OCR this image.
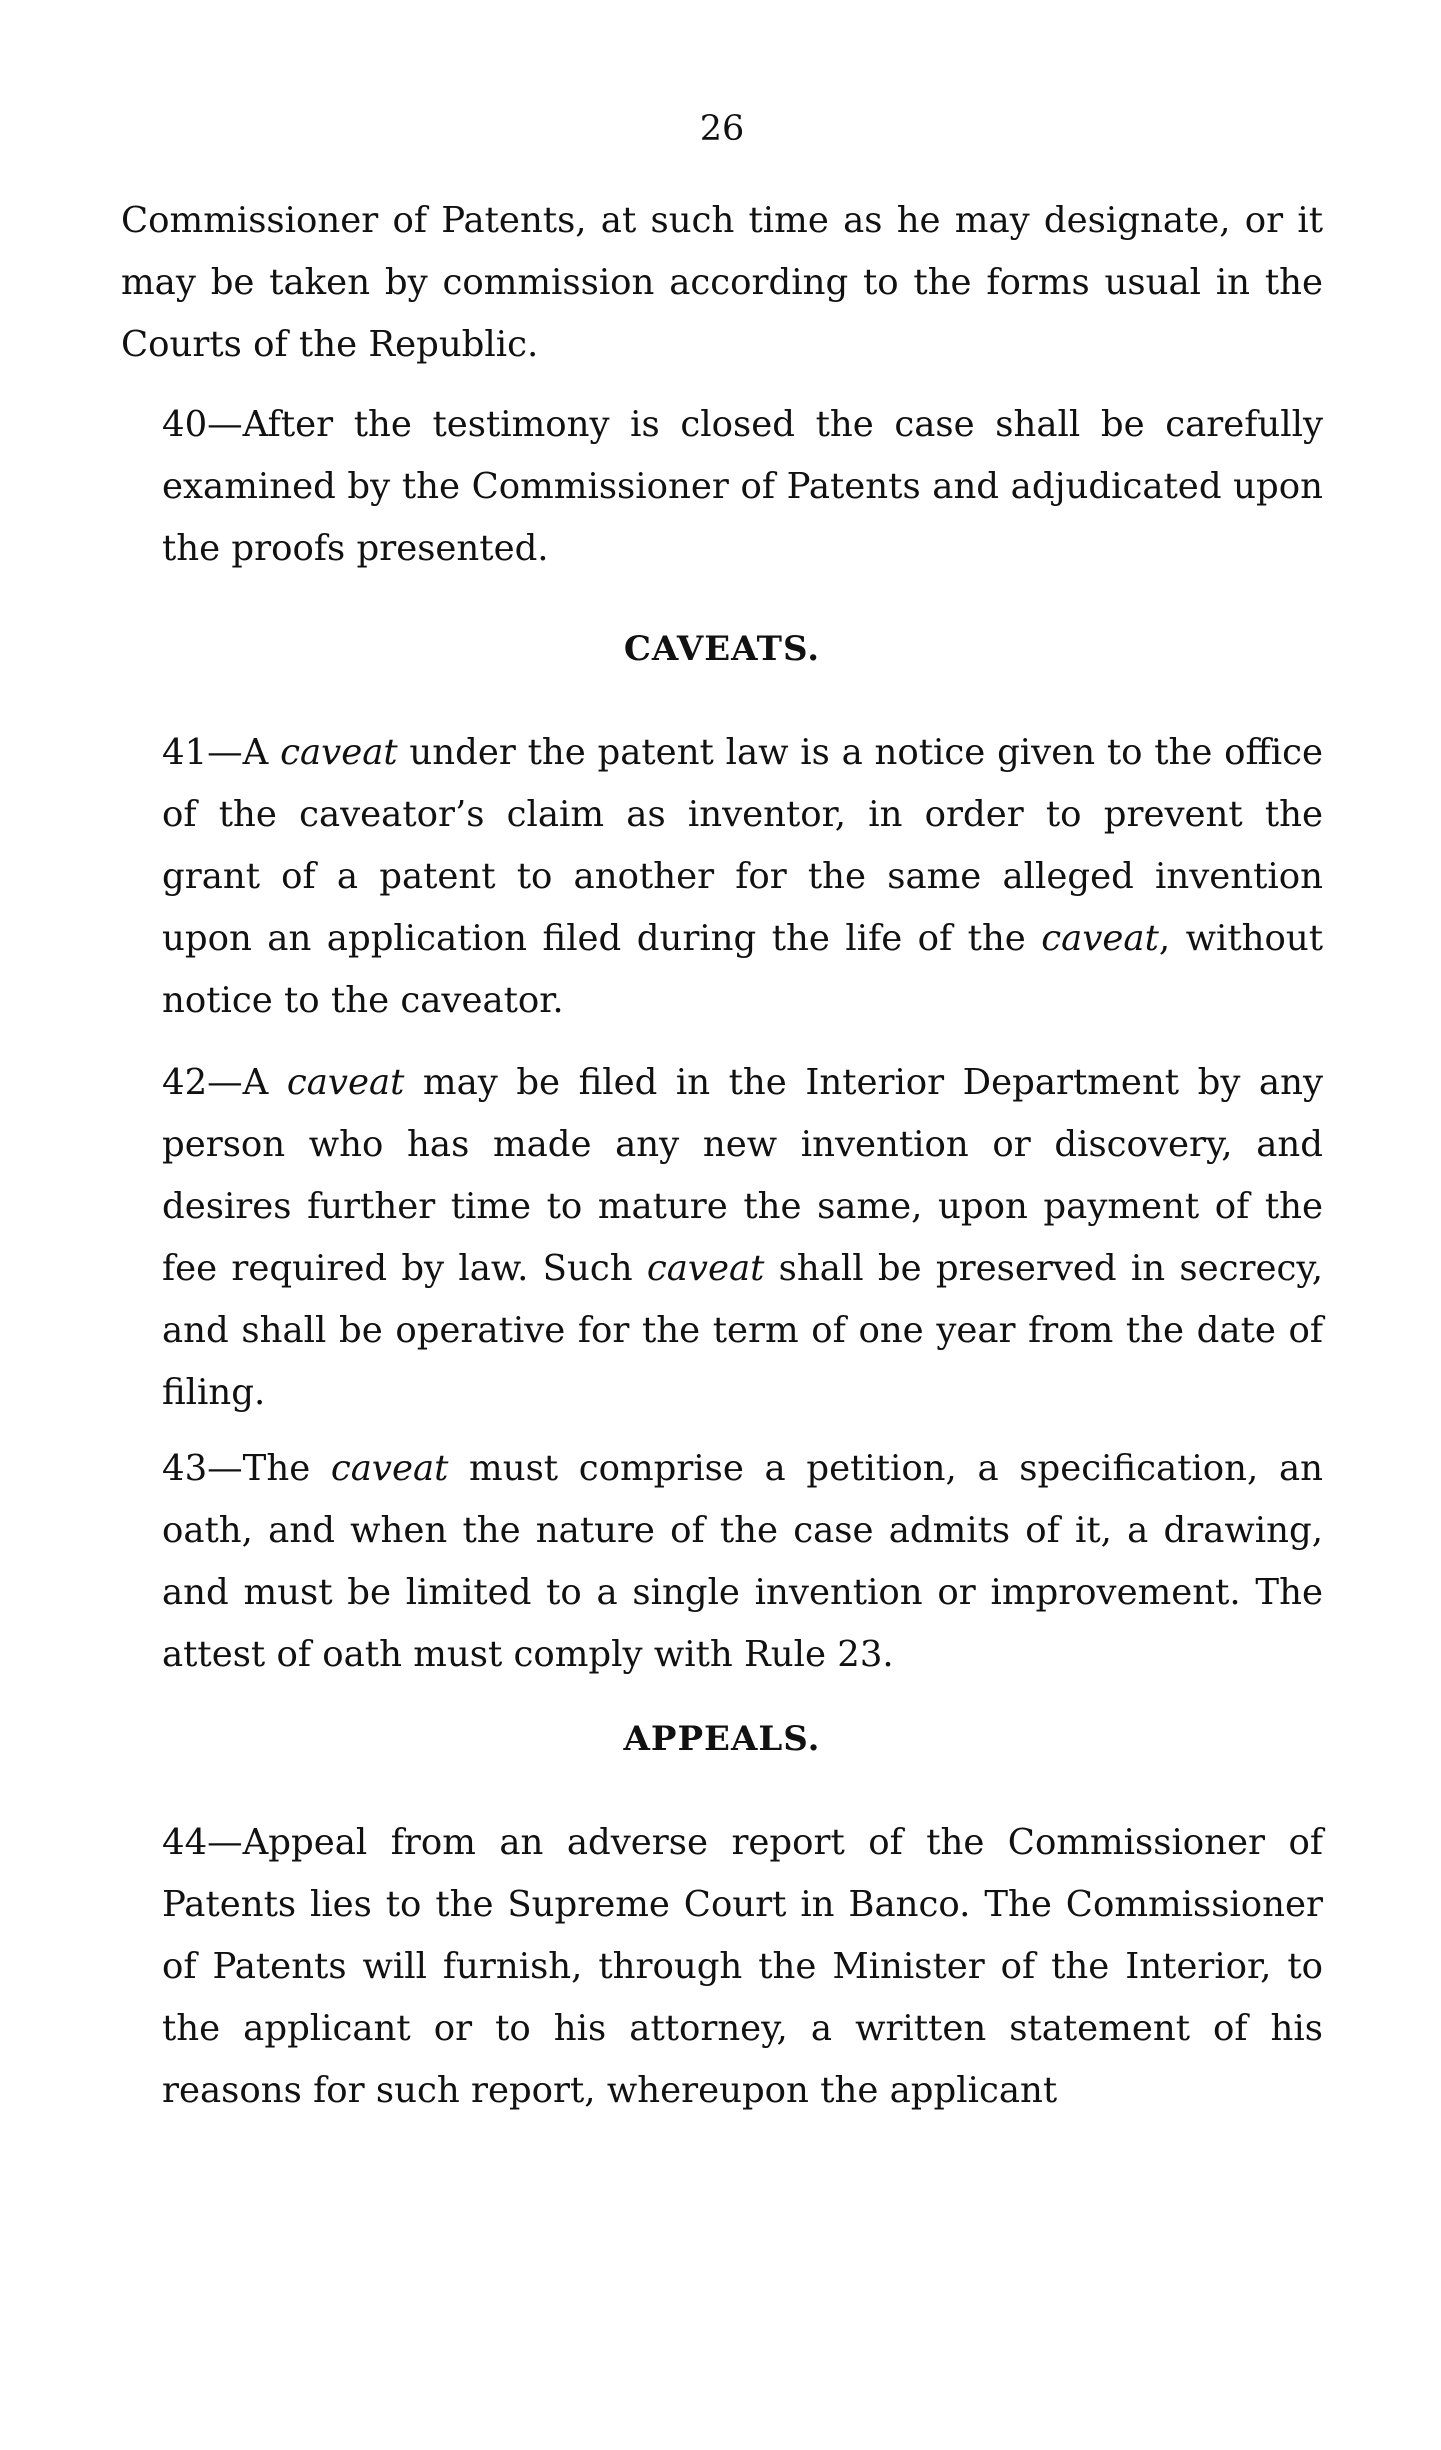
26

Commissioner of Patents, at such time as he may designate, or it may be taken by commission according to the forms usual in the Courts of the Republic.

40—After the testimony is closed the case shall be carefully examined by the Commissioner of Patents and adjudicated upon the proofs presented.

CAVEATS.

41—A caveat under the patent law is a notice given to the office of the caveator’s claim as inventor, in order to prevent the grant of a patent to another for the same alleged invention upon an application filed during the life of the caveat, without notice to the caveator.

42—A caveat may be filed in the Interior Department by any person who has made any new invention or discovery, and desires further time to mature the same, upon payment of the fee required by law. Such caveat shall be preserved in secrecy, and shall be operative for the term of one year from the date of filing.

43—The caveat must comprise a petition, a specification, an oath, and when the nature of the case admits of it, a drawing, and must be limited to a single invention or improvement. The attest of oath must comply with Rule 23.

APPEALS.

44—Appeal from an adverse report of the Commissioner of Patents lies to the Supreme Court in Banco. The Commissioner of Patents will furnish, through the Minister of the Interior, to the applicant or to his attorney, a written statement of his reasons for such report, whereupon the applicant
